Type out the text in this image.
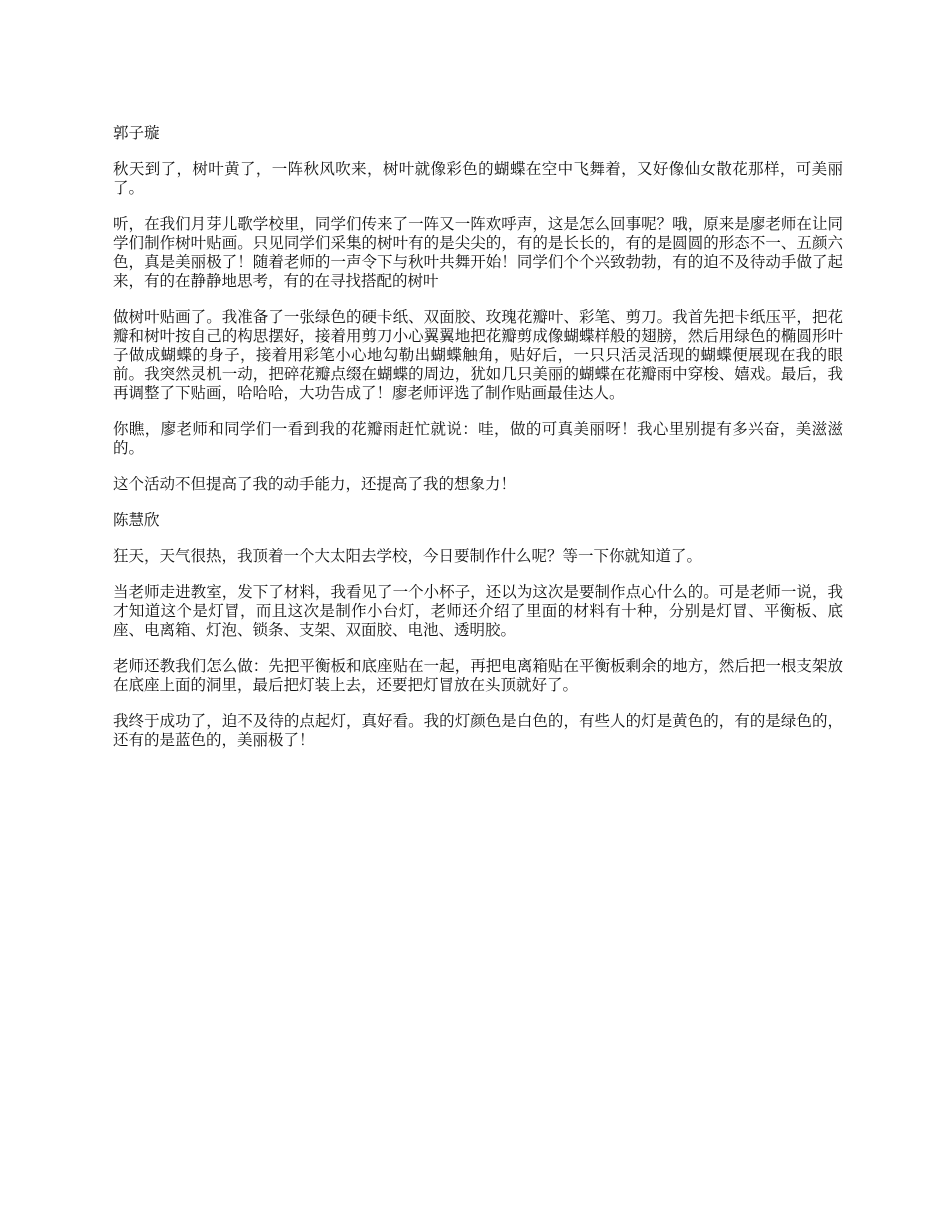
郭子璇

秋天到了，树叶黄了，一阵秋风吹来，树叶就像彩色的蝴蝶在空中飞舞着，又好像仙女散花那样，可美丽了。

听，在我们月芽儿歌学校里，同学们传来了一阵又一阵欢呼声，这是怎么回事呢？哦，原来是廖老师在让同学们制作树叶贴画。只见同学们采集的树叶有的是尖尖的，有的是长长的，有的是圆圆的形态不一、五颜六色，真是美丽极了！随着老师的一声令下与秋叶共舞开始！同学们个个兴致勃勃，有的迫不及待动手做了起来，有的在静静地思考，有的在寻找搭配的树叶

做树叶贴画了。我准备了一张绿色的硬卡纸、双面胶、玫瑰花瓣叶、彩笔、剪刀。我首先把卡纸压平，把花瓣和树叶按自己的构思摆好，接着用剪刀小心翼翼地把花瓣剪成像蝴蝶样般的翅膀，然后用绿色的椭圆形叶子做成蝴蝶的身子，接着用彩笔小心地勾勒出蝴蝶触角，贴好后，一只只活灵活现的蝴蝶便展现在我的眼前。我突然灵机一动，把碎花瓣点缀在蝴蝶的周边，犹如几只美丽的蝴蝶在花瓣雨中穿梭、嬉戏。最后，我再调整了下贴画，哈哈哈，大功告成了！廖老师评选了制作贴画最佳达人。

你瞧，廖老师和同学们一看到我的花瓣雨赶忙就说：哇，做的可真美丽呀！我心里别提有多兴奋，美滋滋的。

这个活动不但提高了我的动手能力，还提高了我的想象力！

陈慧欣

狂天，天气很热，我顶着一个大太阳去学校，今日要制作什么呢？等一下你就知道了。

当老师走进教室，发下了材料，我看见了一个小杯子，还以为这次是要制作点心什么的。可是老师一说，我才知道这个是灯冒，而且这次是制作小台灯，老师还介绍了里面的材料有十种，分别是灯冒、平衡板、底座、电离箱、灯泡、锁条、支架、双面胶、电池、透明胶。

老师还教我们怎么做：先把平衡板和底座贴在一起，再把电离箱贴在平衡板剩余的地方，然后把一根支架放在底座上面的洞里，最后把灯装上去，还要把灯冒放在头顶就好了。

我终于成功了，迫不及待的点起灯，真好看。我的灯颜色是白色的，有些人的灯是黄色的，有的是绿色的，还有的是蓝色的，美丽极了！
